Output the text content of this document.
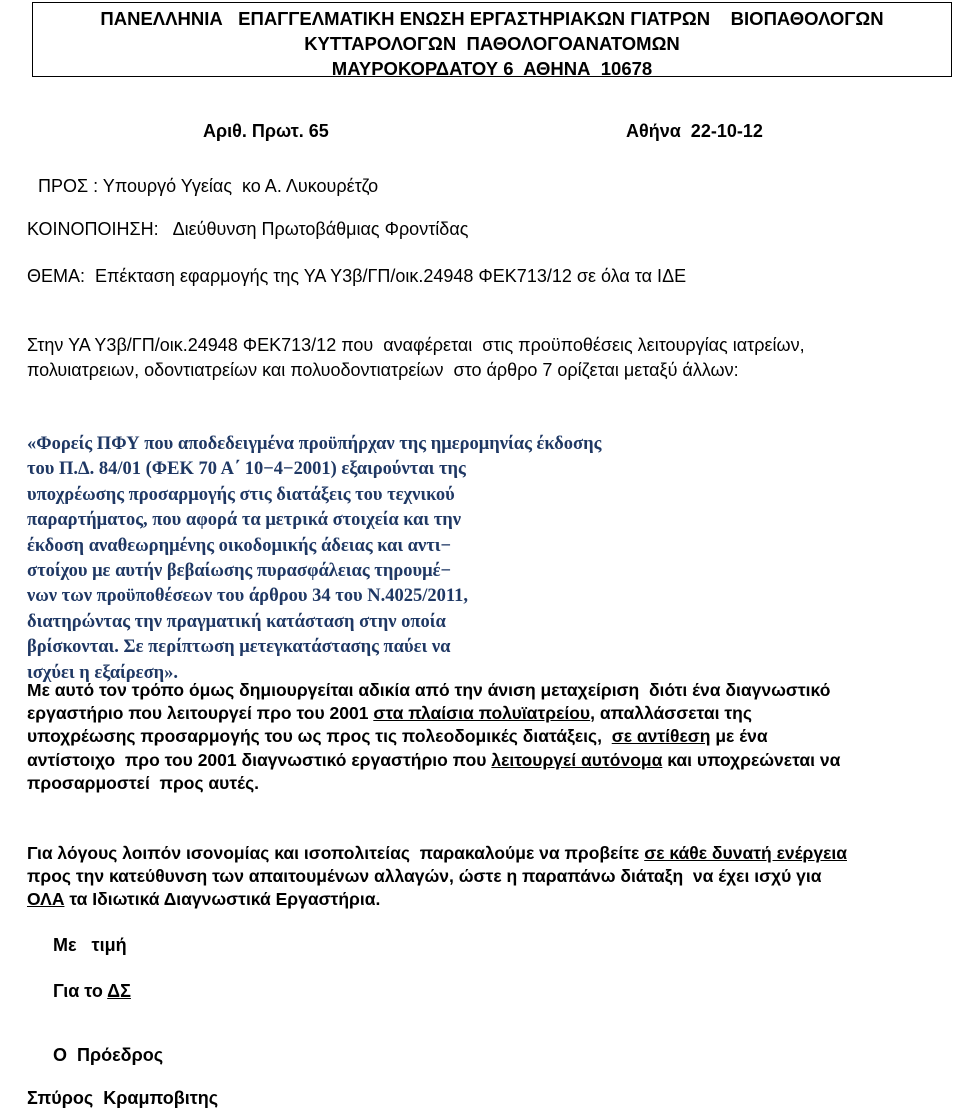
ΠΑΝΕΛΛΗΝΙΑ   ΕΠΑΓΓΕΛΜΑΤΙΚΗ ΕΝΩΣΗ ΕΡΓΑΣΤΗΡΙΑΚΩΝ ΓΙΑΤΡΩΝ    ΒΙΟΠΑΘΟΛΟΓΩΝ
ΚΥΤΤΑΡΟΛΟΓΩΝ  ΠΑΘΟΛΟΓΟΑΝΑΤΟΜΩΝ
ΜΑΥΡΟΚΟΡΔΑΤΟΥ 6  ΑΘΗΝΑ  10678
Αριθ. Πρωτ. 65	Αθήνα  22-10-12
ΠΡΟΣ : Υπουργό Υγείας  κο Α. Λυκουρέτζο
ΚΟΙΝΟΠΟΙΗΣΗ:   Διεύθυνση Πρωτοβάθμιας Φροντίδας
ΘΕΜΑ:  Επέκταση εφαρμογής της ΥΑ Υ3β/ΓΠ/οικ.24948 ΦΕΚ713/12 σε όλα τα ΙΔΕ
Στην ΥΑ Υ3β/ΓΠ/οικ.24948 ΦΕΚ713/12 που  αναφέρεται  στις προϋποθέσεις λειτουργίας ιατρείων,
πολυιατρειων, οδοντιατρείων και πολυοδοντιατρείων  στο άρθρο 7 ορίζεται μεταξύ άλλων:
«Φορείς ΠΦΥ που αποδεδειγμένα προϋπήρχαν της ημερομηνίας έκδοσης
του Π.Δ. 84/01 (ΦΕΚ 70 Α΄ 10−4−2001) εξαιρούνται της
υποχρέωσης προσαρμογής στις διατάξεις του τεχνικού
παραρτήματος, που αφορά τα μετρικά στοιχεία και την
έκδοση αναθεωρημένης οικοδομικής άδειας και αντι−
στοίχου με αυτήν βεβαίωσης πυρασφάλειας τηρουμέ−
νων των προϋποθέσεων του άρθρου 34 του Ν.4025/2011,
διατηρώντας την πραγματική κατάσταση στην οποία
βρίσκονται. Σε περίπτωση μετεγκατάστασης παύει να
ισχύει η εξαίρεση».
Με αυτό τον τρόπο όμως δημιουργείται αδικία από την άνιση μεταχείριση  διότι ένα διαγνωστικό
εργαστήριο που λειτουργεί προ του 2001 στα πλαίσια πολυϊατρείου, απαλλάσσεται της
υποχρέωσης προσαρμογής του ως προς τις πολεοδομικές διατάξεις,  σε αντίθεση με ένα
αντίστοιχο  προ του 2001 διαγνωστικό εργαστήριο που λειτουργεί αυτόνομα και υποχρεώνεται να
προσαρμοστεί  προς αυτές.
Για λόγους λοιπόν ισονομίας και ισοπολιτείας  παρακαλούμε να προβείτε σε κάθε δυνατή ενέργεια
προς την κατεύθυνση των απαιτουμένων αλλαγών, ώστε η παραπάνω διάταξη  να έχει ισχύ για
ΟΛΑ τα Ιδιωτικά Διαγνωστικά Εργαστήρια.
Με   τιμή
Για το ΔΣ
Ο  Πρόεδρος
Σπύρος  Κραμποβιτης
